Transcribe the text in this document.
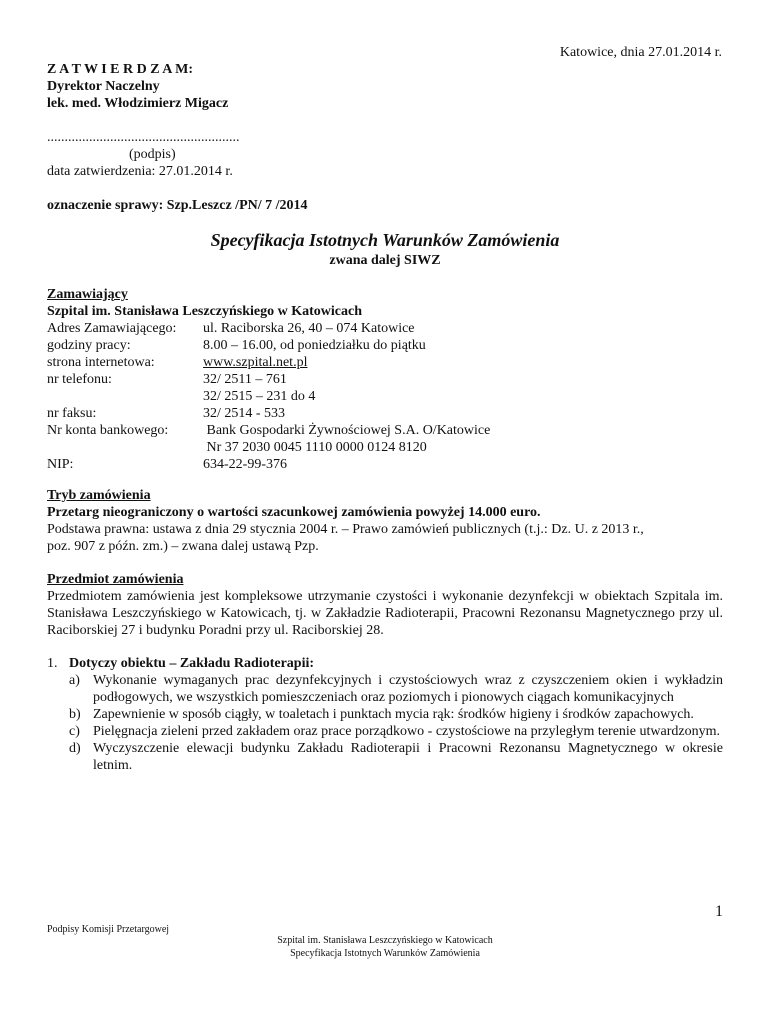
Katowice, dnia 27.01.2014 r.
Z A T W I E R D Z A M:
Dyrektor Naczelny
lek. med. Włodzimierz Migacz
.......................................................
(podpis)
data zatwierdzenia: 27.01.2014 r.
oznaczenie sprawy: Szp.Leszcz /PN/ 7 /2014
Specyfikacja Istotnych Warunków Zamówienia
zwana dalej SIWZ
Zamawiający
Szpital im. Stanisława Leszczyńskiego w Katowicach
Adres Zamawiającego: ul. Raciborska 26, 40 – 074 Katowice
godziny pracy:	8.00 – 16.00, od poniedziałku do piątku
strona internetowa:	www.szpital.net.pl
nr telefonu:	32/ 2511 – 761
32/ 2515 – 231 do 4
nr faksu:	32/ 2514 - 533
Nr konta bankowego: Bank Gospodarki Żywnościowej S.A. O/Katowice
Nr 37 2030 0045 1110 0000 0124 8120
NIP:	634-22-99-376
Tryb zamówienia
Przetarg nieograniczony o wartości szacunkowej zamówienia powyżej 14.000 euro.
Podstawa prawna: ustawa z dnia 29 stycznia 2004 r. – Prawo zamówień publicznych (t.j.: Dz. U. z 2013 r.,
poz. 907 z późn. zm.) – zwana dalej ustawą Pzp.
Przedmiot zamówienia
Przedmiotem zamówienia jest kompleksowe utrzymanie czystości i wykonanie dezynfekcji w obiektach Szpitala im. Stanisława Leszczyńskiego w Katowicach, tj. w Zakładzie Radioterapii, Pracowni Rezonansu Magnetycznego przy ul. Raciborskiej 27 i budynku Poradni przy ul. Raciborskiej 28.
1. Dotyczy obiektu – Zakładu Radioterapii:
a) Wykonanie wymaganych prac dezynfekcyjnych i czystościowych wraz z czyszczeniem okien i wykładzin podłogowych, we wszystkich pomieszczeniach oraz poziomych i pionowych ciągach komunikacyjnych
b) Zapewnienie w sposób ciągły, w toaletach i punktach mycia rąk: środków higieny i środków zapachowych.
c) Pielęgnacja zieleni przed zakładem oraz prace porządkowo - czystościowe na przyległym terenie utwardzonym.
d) Wyczyszczenie elewacji budynku Zakładu Radioterapii i Pracowni Rezonansu Magnetycznego w okresie letnim.
1
Podpisy Komisji Przetargowej
Szpital im. Stanisława Leszczyńskiego w Katowicach
Specyfikacja Istotnych Warunków Zamówienia
